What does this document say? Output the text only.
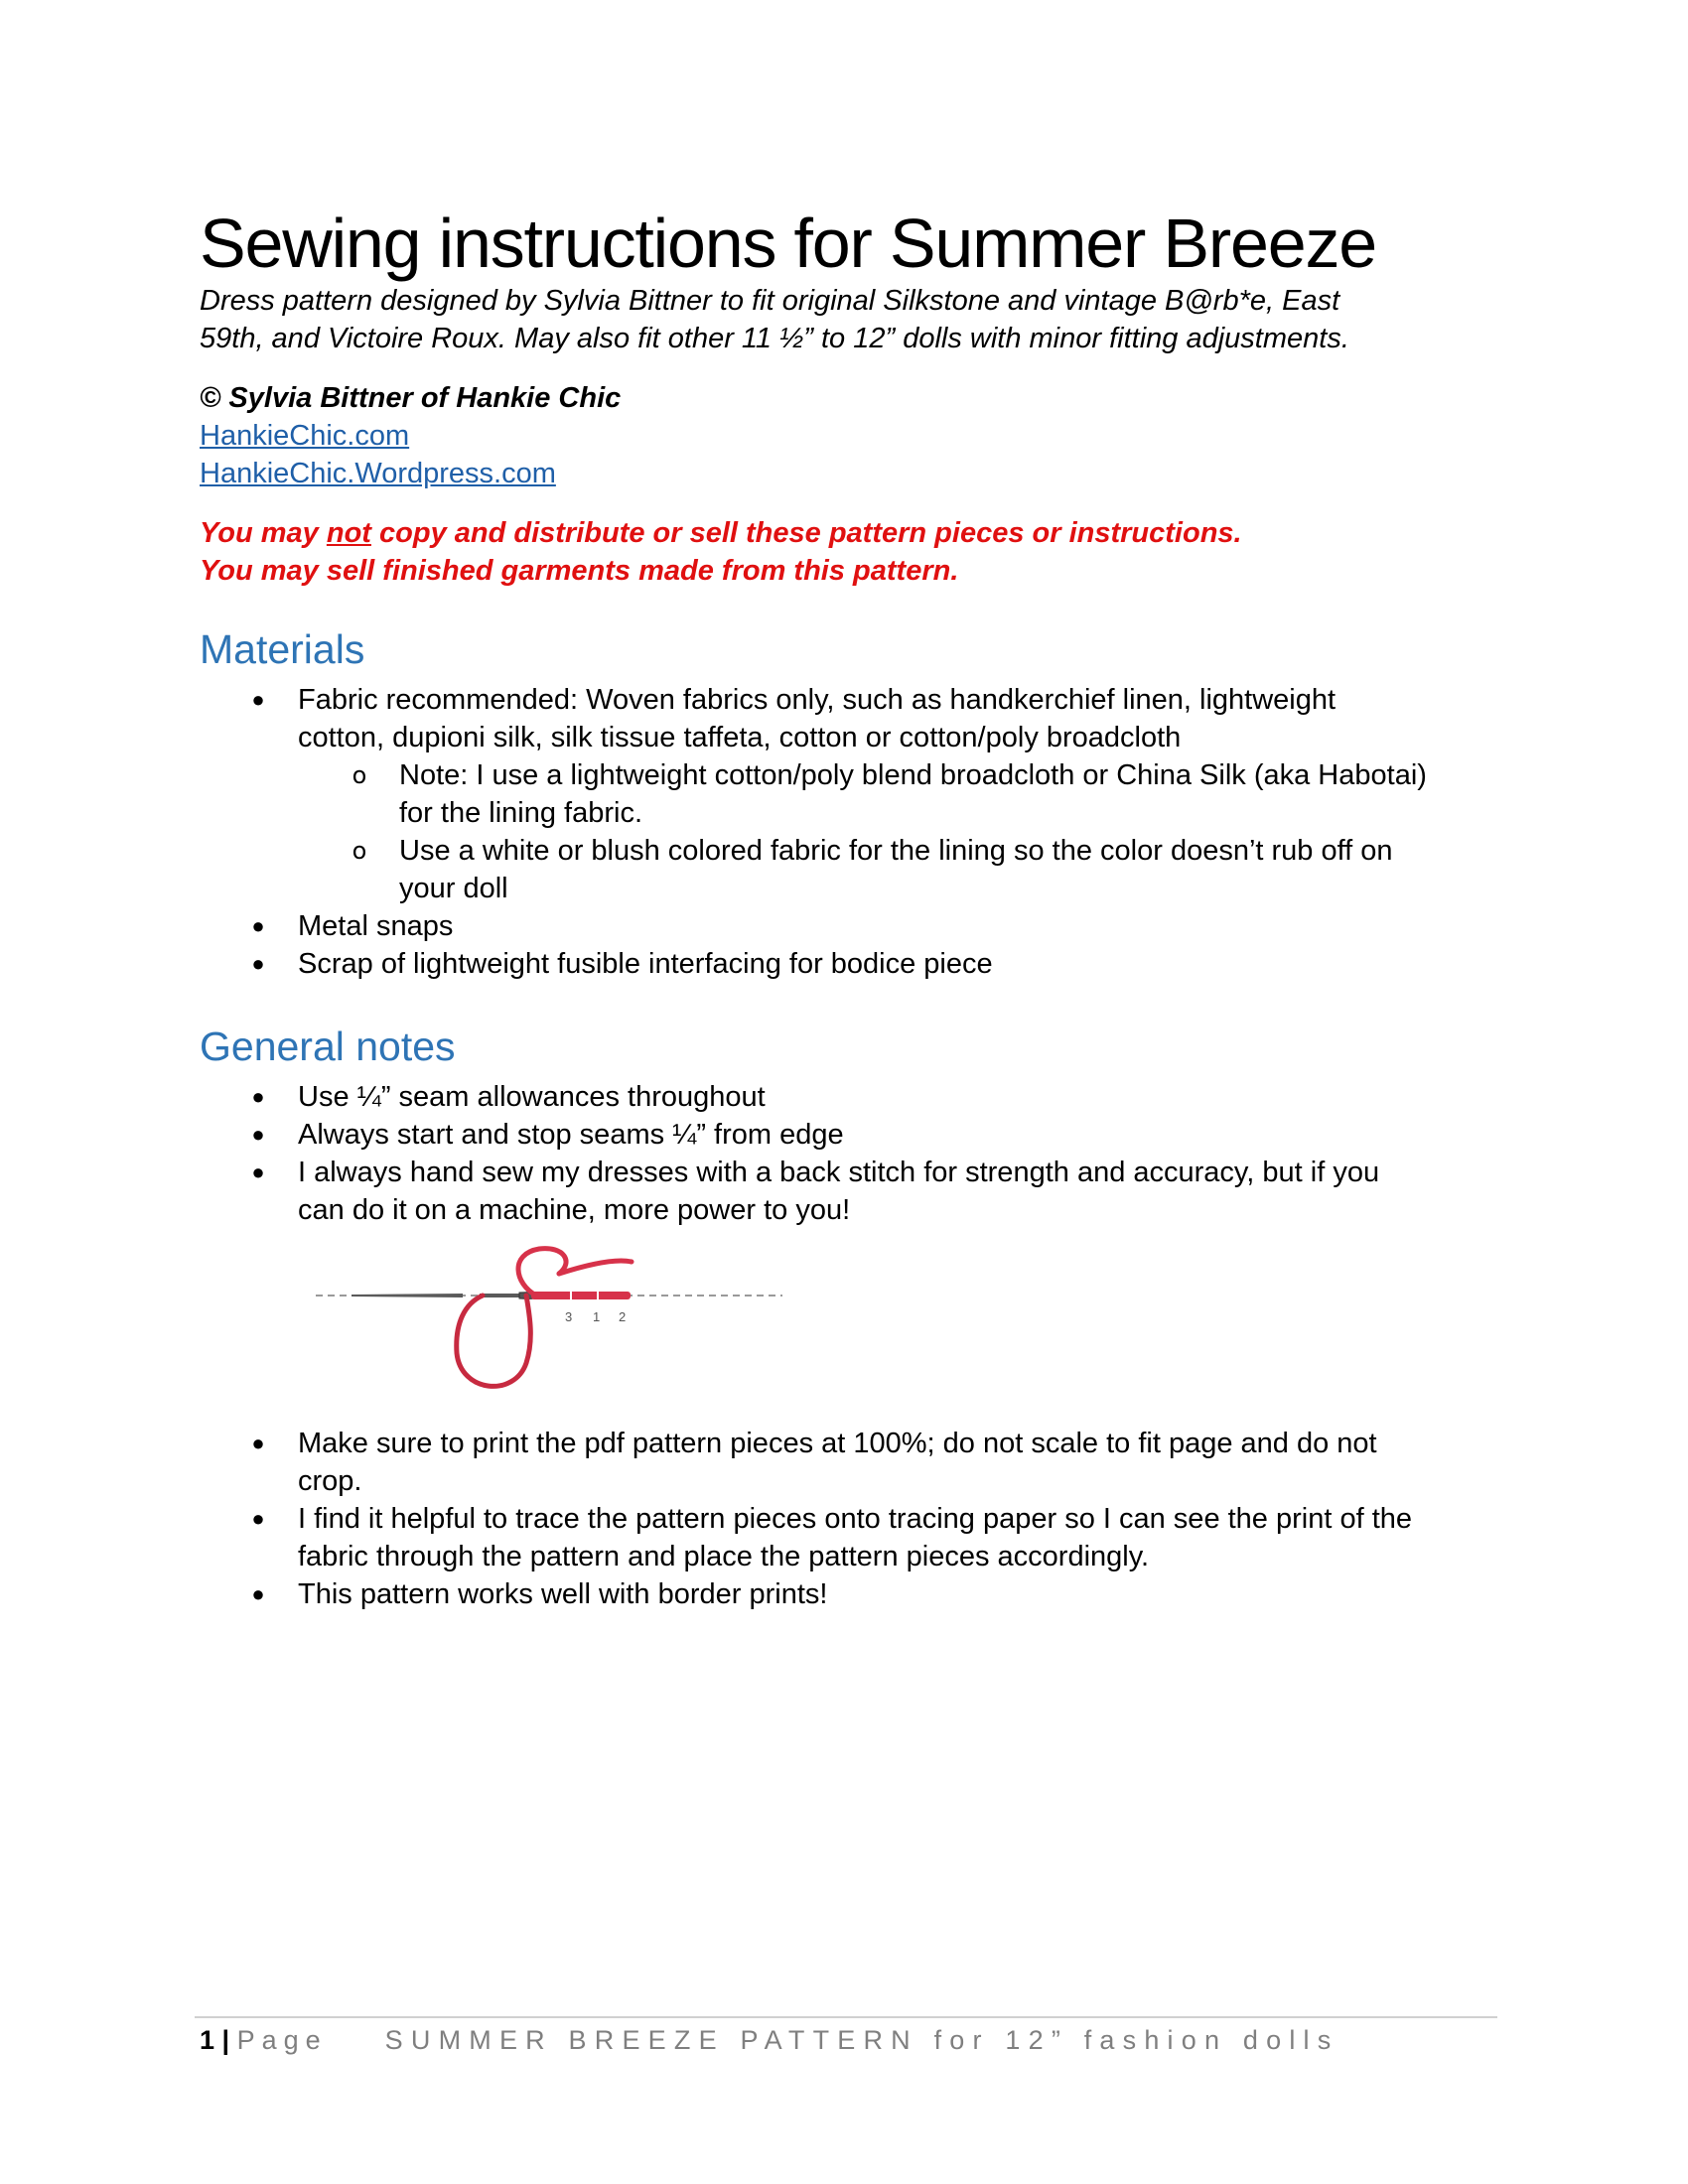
Sewing instructions for Summer Breeze
Dress pattern designed by Sylvia Bittner to fit original Silkstone and vintage B@rb*e, East
59th, and Victoire Roux. May also fit other 11 ½” to 12” dolls with minor fitting adjustments.
© Sylvia Bittner of Hankie Chic
HankieChic.com
HankieChic.Wordpress.com
You may not copy and distribute or sell these pattern pieces or instructions.
You may sell finished garments made from this pattern.
Materials
● Fabric recommended: Woven fabrics only, such as handkerchief linen, lightweight
cotton, dupioni silk, silk tissue taffeta, cotton or cotton/poly broadcloth
o Note: I use a lightweight cotton/poly blend broadcloth or China Silk (aka Habotai)
for the lining fabric.
o Use a white or blush colored fabric for the lining so the color doesn’t rub off on
your doll
● Metal snaps
● Scrap of lightweight fusible interfacing for bodice piece
General notes
● Use ¼” seam allowances throughout
● Always start and stop seams ¼” from edge
● I always hand sew my dresses with a back stitch for strength and accuracy, but if you
can do it on a machine, more power to you!
3 1 2
● Make sure to print the pdf pattern pieces at 100%; do not scale to fit page and do not
crop.
● I find it helpful to trace the pattern pieces onto tracing paper so I can see the print of the
fabric through the pattern and place the pattern pieces accordingly.
● This pattern works well with border prints!
1 | Page SUMMER BREEZE PATTERN for 12” fashion dolls
